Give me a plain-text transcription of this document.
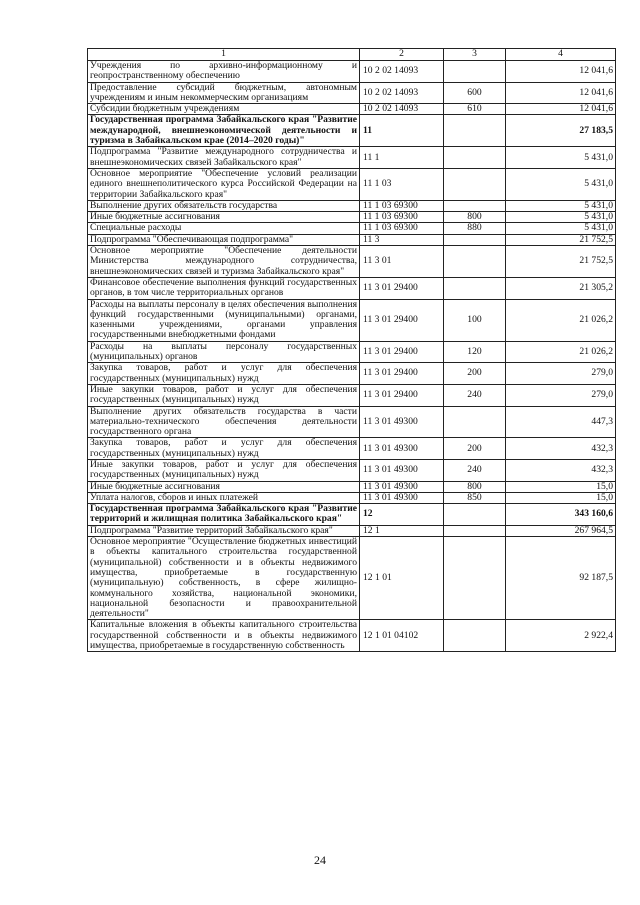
1	2	3	4
Учреждения по архивно-информационному и геопространственному обеспечению	10 2 02 14093		12 041,6
Предоставление субсидий бюджетным, автономным учреждениям и иным некоммерческим организациям	10 2 02 14093	600	12 041,6
Субсидии бюджетным учреждениям	10 2 02 14093	610	12 041,6
Государственная программа Забайкальского края "Развитие международной, внешнеэкономической деятельности и туризма в Забайкальском крае (2014–2020 годы)"	11		27 183,5
Подпрограмма "Развитие международного сотрудничества и внешнеэкономических связей Забайкальского края"	11 1		5 431,0
Основное мероприятие "Обеспечение условий реализации единого внешнеполитического курса Российской Федерации на территории Забайкальского края"	11 1 03		5 431,0
Выполнение других обязательств государства	11 1 03 69300		5 431,0
Иные бюджетные ассигнования	11 1 03 69300	800	5 431,0
Специальные расходы	11 1 03 69300	880	5 431,0
Подпрограмма "Обеспечивающая подпрограмма"	11 3		21 752,5
Основное мероприятие "Обеспечение деятельности Министерства международного сотрудничества, внешнеэкономических связей и туризма Забайкальского края"	11 3 01		21 752,5
Финансовое обеспечение выполнения функций государственных органов, в том числе территориальных органов	11 3 01 29400		21 305,2
Расходы на выплаты персоналу в целях обеспечения выполнения функций государственными (муниципальными) органами, казенными учреждениями, органами управления государственными внебюджетными фондами	11 3 01 29400	100	21 026,2
Расходы на выплаты персоналу государственных (муниципальных) органов	11 3 01 29400	120	21 026,2
Закупка товаров, работ и услуг для обеспечения государственных (муниципальных) нужд	11 3 01 29400	200	279,0
Иные закупки товаров, работ и услуг для обеспечения государственных (муниципальных) нужд	11 3 01 29400	240	279,0
Выполнение других обязательств государства в части материально-технического обеспечения деятельности государственного органа	11 3 01 49300		447,3
Закупка товаров, работ и услуг для обеспечения государственных (муниципальных) нужд	11 3 01 49300	200	432,3
Иные закупки товаров, работ и услуг для обеспечения государственных (муниципальных) нужд	11 3 01 49300	240	432,3
Иные бюджетные ассигнования	11 3 01 49300	800	15,0
Уплата налогов, сборов и иных платежей	11 3 01 49300	850	15,0
Государственная программа Забайкальского края "Развитие территорий и жилищная политика Забайкальского края"	12		343 160,6
Подпрограмма "Развитие территорий Забайкальского края"	12 1		267 964,5
Основное мероприятие "Осуществление бюджетных инвестиций в объекты капитального строительства государственной (муниципальной) собственности и в объекты недвижимого имущества, приобретаемые в государственную (муниципальную) собственность, в сфере жилищно-коммунального хозяйства, национальной экономики, национальной безопасности и правоохранительной деятельности"	12 1 01		92 187,5
Капитальные вложения в объекты капитального строительства государственной собственности и в объекты недвижимого имущества, приобретаемые в государственную собственность	12 1 01 04102		2 922,4
24
